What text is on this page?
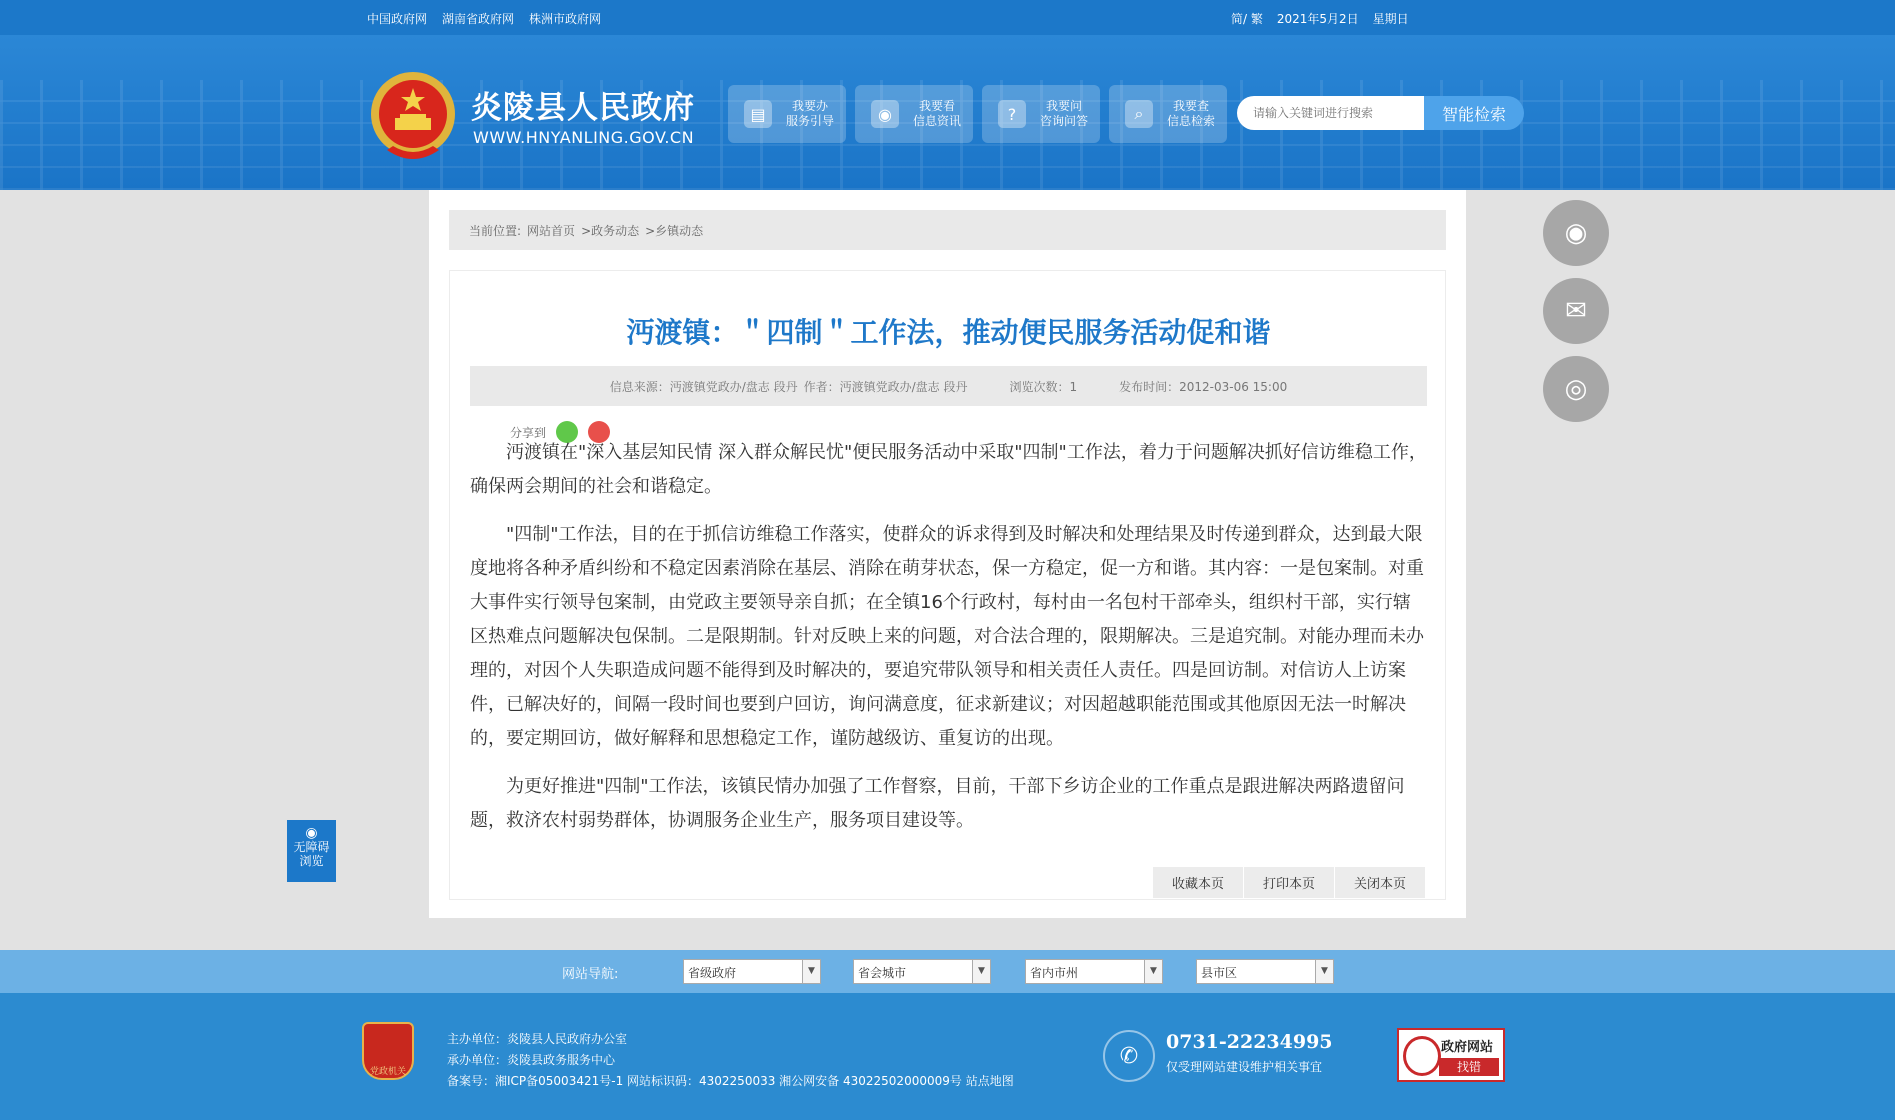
中国政府网 湖南省政府网 株洲市政府网	简/ 繁 2021年5月2日 星期日
炎陵县人民政府
WWW.HNYANLING.GOV.CN
▤	我要办
服务引导	◉	我要看
信息资讯	?	我要问
咨询问答	⌕	我要查
信息检索
请输入关键词进行搜索	智能检索
当前位置: 网站首页 >政务动态 >乡镇动态
沔渡镇：＂四制＂工作法，推动便民服务活动促和谐
信息来源：沔渡镇党政办/盘志 段丹 作者：沔渡镇党政办/盘志 段丹	浏览次数：1	发布时间：2012-03-06 15:00
分享到

沔渡镇在"深入基层知民情 深入群众解民忧"便民服务活动中采取"四制"工作法，着力于问题解决抓好信访维稳工作，确保两会期间的社会和谐稳定。

"四制"工作法，目的在于抓信访维稳工作落实，使群众的诉求得到及时解决和处理结果及时传递到群众，达到最大限度地将各种矛盾纠纷和不稳定因素消除在基层、消除在萌芽状态，保一方稳定，促一方和谐。其内容：一是包案制。对重大事件实行领导包案制，由党政主要领导亲自抓；在全镇16个行政村，每村由一名包村干部牵头，组织村干部，实行辖区热难点问题解决包保制。二是限期制。针对反映上来的问题，对合法合理的，限期解决。三是追究制。对能办理而未办理的，对因个人失职造成问题不能得到及时解决的，要追究带队领导和相关责任人责任。四是回访制。对信访人上访案件，已解决好的，间隔一段时间也要到户回访，询问满意度，征求新建议；对因超越职能范围或其他原因无法一时解决的，要定期回访，做好解释和思想稳定工作，谨防越级访、重复访的出现。

为更好推进"四制"工作法，该镇民情办加强了工作督察，目前，干部下乡访企业的工作重点是跟进解决两路遗留问题，救济农村弱势群体，协调服务企业生产，服务项目建设等。

收藏本页	打印本页	关闭本页
◉
✉
◎
◉
无障碍
浏览
网站导航:	省级政府	▼	省会城市	▼	省内市州	▼	县市区	▼
党政机关
主办单位：炎陵县人民政府办公室
承办单位：炎陵县政务服务中心
备案号：湘ICP备05003421号-1 网站标识码：4302250033 湘公网安备 43022502000009号 站点地图
✆
0731-22234995
仅受理网站建设维护相关事宜
政府网站
找错
